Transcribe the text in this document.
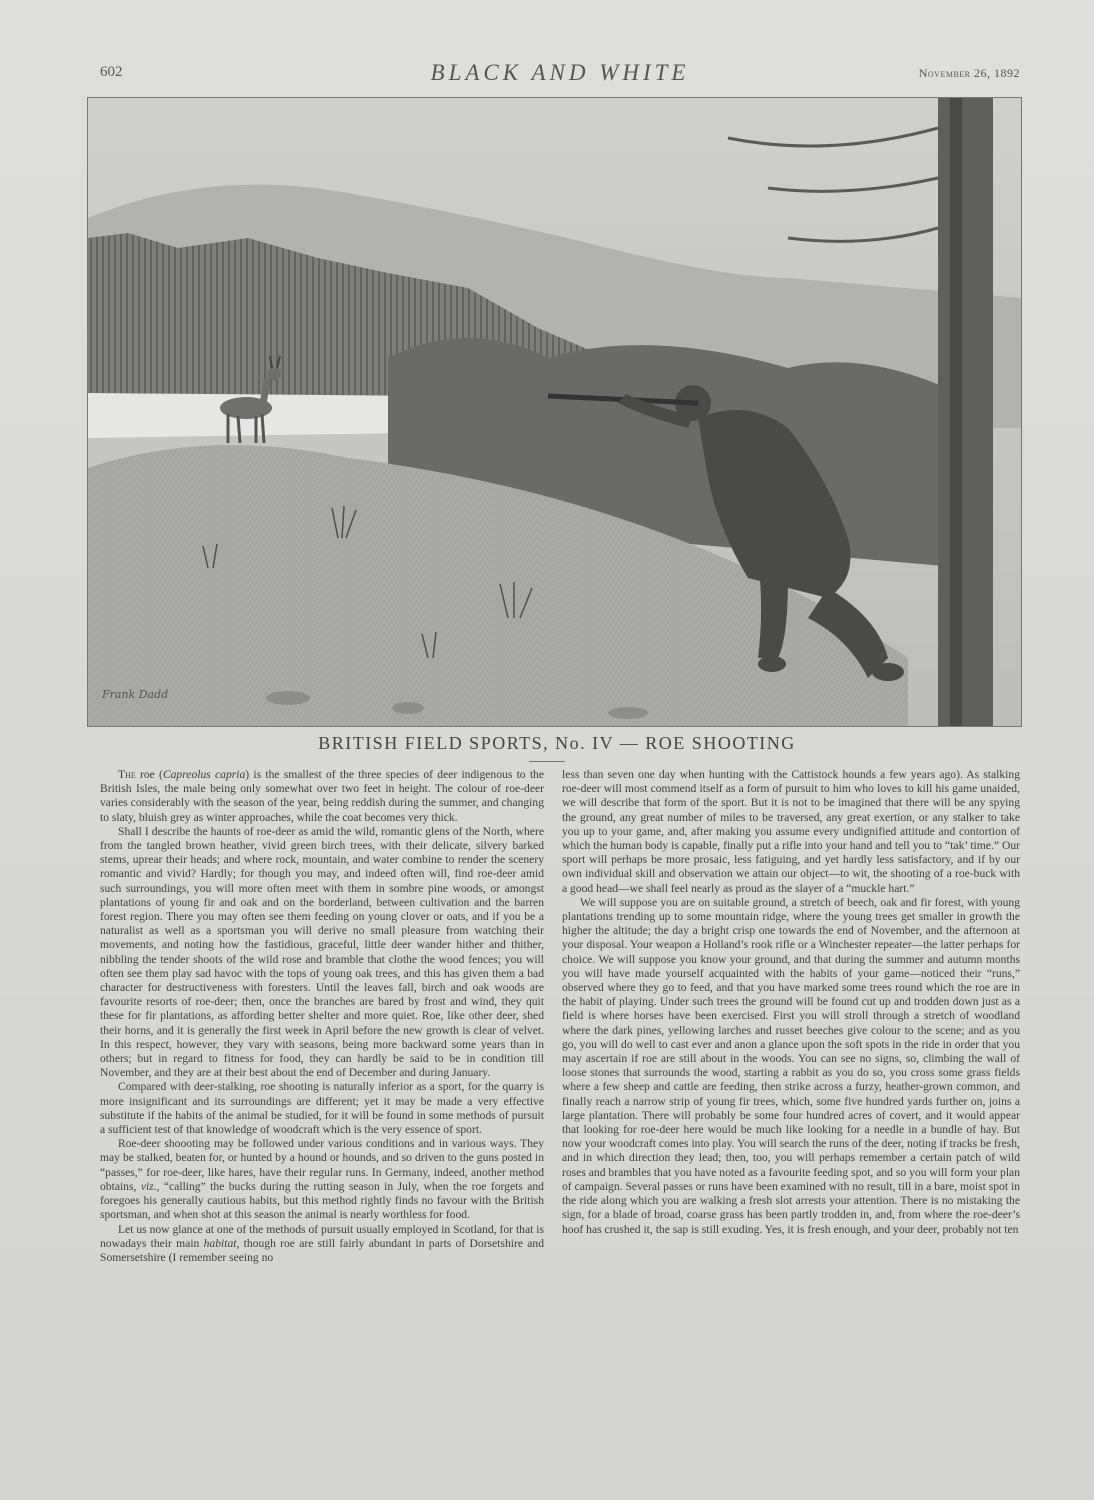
602	BLACK AND WHITE	November 26, 1892
Frank Dadd
BRITISH FIELD SPORTS, No. IV — ROE SHOOTING

The roe (Capreolus capria) is the smallest of the three species of deer indigenous to the British Isles, the male being only somewhat over two feet in height. The colour of roe-deer varies considerably with the season of the year, being reddish during the summer, and changing to slaty, bluish grey as winter approaches, while the coat becomes very thick.

Shall I describe the haunts of roe-deer as amid the wild, romantic glens of the North, where from the tangled brown heather, vivid green birch trees, with their delicate, silvery barked stems, uprear their heads; and where rock, mountain, and water combine to render the scenery romantic and vivid? Hardly; for though you may, and indeed often will, find roe-deer amid such surroundings, you will more often meet with them in sombre pine woods, or amongst plantations of young fir and oak and on the borderland, between cultivation and the barren forest region. There you may often see them feeding on young clover or oats, and if you be a naturalist as well as a sportsman you will derive no small pleasure from watching their movements, and noting how the fastidious, graceful, little deer wander hither and thither, nibbling the tender shoots of the wild rose and bramble that clothe the wood fences; you will often see them play sad havoc with the tops of young oak trees, and this has given them a bad character for destructiveness with foresters. Until the leaves fall, birch and oak woods are favourite resorts of roe-deer; then, once the branches are bared by frost and wind, they quit these for fir plantations, as affording better shelter and more quiet. Roe, like other deer, shed their horns, and it is generally the first week in April before the new growth is clear of velvet. In this respect, however, they vary with seasons, being more backward some years than in others; but in regard to fitness for food, they can hardly be said to be in condition till November, and they are at their best about the end of December and during January.

Compared with deer-stalking, roe shooting is naturally inferior as a sport, for the quarry is more insignificant and its surroundings are different; yet it may be made a very effective substitute if the habits of the animal be studied, for it will be found in some methods of pursuit a sufficient test of that knowledge of woodcraft which is the very essence of sport.

Roe-deer shoooting may be followed under various conditions and in various ways. They may be stalked, beaten for, or hunted by a hound or hounds, and so driven to the guns posted in “passes,” for roe-deer, like hares, have their regular runs. In Germany, indeed, another method obtains, viz., “calling” the bucks during the rutting season in July, when the roe forgets and foregoes his generally cautious habits, but this method rightly finds no favour with the British sportsman, and when shot at this season the animal is nearly worthless for food.

Let us now glance at one of the methods of pursuit usually employed in Scotland, for that is nowadays their main habitat, though roe are still fairly abundant in parts of Dorsetshire and Somersetshire (I remember seeing no

less than seven one day when hunting with the Cattistock hounds a few years ago). As stalking roe-deer will most commend itself as a form of pursuit to him who loves to kill his game unaided, we will describe that form of the sport. But it is not to be imagined that there will be any spying the ground, any great number of miles to be traversed, any great exertion, or any stalker to take you up to your game, and, after making you assume every undignified attitude and contortion of which the human body is capable, finally put a rifle into your hand and tell you to “tak’ time.” Our sport will perhaps be more prosaic, less fatiguing, and yet hardly less satisfactory, and if by our own individual skill and observation we attain our object—to wit, the shooting of a roe-buck with a good head—we shall feel nearly as proud as the slayer of a “muckle hart.”

We will suppose you are on suitable ground, a stretch of beech, oak and fir forest, with young plantations trending up to some mountain ridge, where the young trees get smaller in growth the higher the altitude; the day a bright crisp one towards the end of November, and the afternoon at your disposal. Your weapon a Holland’s rook rifle or a Winchester repeater—the latter perhaps for choice. We will suppose you know your ground, and that during the summer and autumn months you will have made yourself acquainted with the habits of your game—noticed their “runs,” observed where they go to feed, and that you have marked some trees round which the roe are in the habit of playing. Under such trees the ground will be found cut up and trodden down just as a field is where horses have been exercised. First you will stroll through a stretch of woodland where the dark pines, yellowing larches and russet beeches give colour to the scene; and as you go, you will do well to cast ever and anon a glance upon the soft spots in the ride in order that you may ascertain if roe are still about in the woods. You can see no signs, so, climbing the wall of loose stones that surrounds the wood, starting a rabbit as you do so, you cross some grass fields where a few sheep and cattle are feeding, then strike across a furzy, heather-grown common, and finally reach a narrow strip of young fir trees, which, some five hundred yards further on, joins a large plantation. There will probably be some four hundred acres of covert, and it would appear that looking for roe-deer here would be much like looking for a needle in a bundle of hay. But now your woodcraft comes into play. You will search the runs of the deer, noting if tracks be fresh, and in which direction they lead; then, too, you will perhaps remember a certain patch of wild roses and brambles that you have noted as a favourite feeding spot, and so you will form your plan of campaign. Several passes or runs have been examined with no result, till in a bare, moist spot in the ride along which you are walking a fresh slot arrests your attention. There is no mistaking the sign, for a blade of broad, coarse grass has been partly trodden in, and, from where the roe-deer’s hoof has crushed it, the sap is still exuding. Yes, it is fresh enough, and your deer, probably not ten
